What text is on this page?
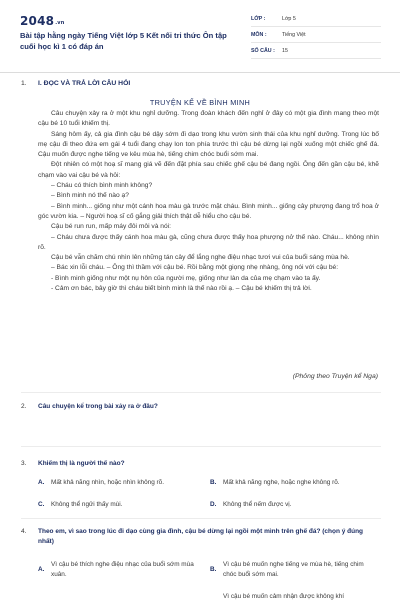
2048.vn
Bài tập hằng ngày Tiếng Việt lớp 5 Kết nối tri thức Ôn tập cuối học kì 1 có đáp án
LỚP :	Lớp 5
MÔN :	Tiếng Việt
SỐ CÂU :	15
1. I. ĐỌC VÀ TRẢ LỜI CÂU HỎI
TRUYỆN KỂ VỀ BÌNH MINH

Câu chuyện xảy ra ở một khu nghỉ dưỡng. Trong đoàn khách đến nghỉ ở đây có một gia đình mang theo một cậu bé 10 tuổi khiếm thị.

Sáng hôm ấy, cả gia đình cậu bé dậy sớm đi dạo trong khu vườn sinh thái của khu nghỉ dưỡng. Trong lúc bố mẹ cậu đi theo đứa em gái 4 tuổi đang chạy lon ton phía trước thì cậu bé dừng lại ngồi xuống một chiếc ghế đá. Cậu muốn được nghe tiếng ve kêu mùa hè, tiếng chim chóc buổi sớm mai.

Đột nhiên có một hoạ sĩ mang giá vẽ đến đặt phía sau chiếc ghế cậu bé đang ngồi. Ông đến gần cậu bé, khẽ chạm vào vai cậu bé và hỏi:

– Cháu có thích bình minh không?

– Bình minh nó thế nào ạ?

– Bình minh... giống như một cánh hoa màu gà trước mặt cháu. Bình minh... giống cây phượng đang trổ hoa ở góc vườn kia. – Người hoạ sĩ cố gắng giải thích thật dễ hiểu cho cậu bé.

Cậu bé run run, mấp máy đôi môi và nói:

– Cháu chưa được thấy cánh hoa màu gà, cũng chưa được thấy hoa phượng nở thế nào. Cháu... không nhìn rõ.

Cậu bé vẫn chăm chú nhìn lên những tán cây để lắng nghe điệu nhạc tươi vui của buổi sáng mùa hè.

– Bác xin lỗi cháu. – Ông thì thầm với cậu bé. Rồi bằng một giọng nhẹ nhàng, ông nói với cậu bé:

- Bình minh giống như một nụ hôn của người mẹ, giống như làn da của mẹ chạm vào ta ấy.

- Cảm ơn bác, bây giờ thì cháu biết bình minh là thế nào rồi ạ. – Cậu bé khiếm thị trả lời.

(Phỏng theo Truyện kể Nga)
2. Câu chuyện kể trong bài xảy ra ở đâu?
3. Khiếm thị là người thế nào?
A. Mất khả năng nhìn, hoặc nhìn không rõ.	B. Mất khả năng nghe, hoặc nghe không rõ.
C. Không thể ngửi thấy mùi.	D. Không thể nếm được vị.
4. Theo em, vì sao trong lúc đi dạo cùng gia đình, cậu bé dừng lại ngồi một mình trên ghế đá? (chọn ý đúng nhất)
A.Vì cậu bé thích nghe điệu nhạc của buổi sớm mùa xuân.
B.Vì cậu bé muốn nghe tiếng ve mùa hè, tiếng chim chóc buổi sớm mai.
Vì cậu bé muốn cảm nhận được không khí
